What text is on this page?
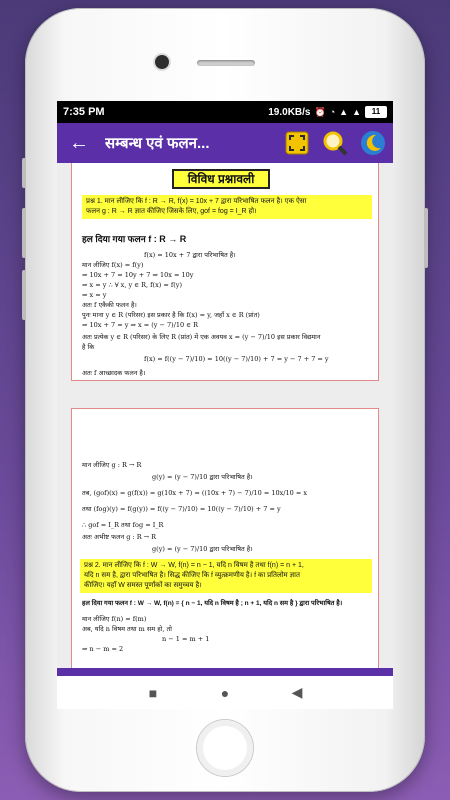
7:35 PM	19.0KB/s ⏰ ◔ ▲ ▲	11
←	सम्बन्ध एवं फलन...
विविध प्रश्नावली
प्रश्न 1. मान लीजिए कि f : R → R, f(x) = 10x + 7 द्वारा परिभाषित फलन है। एक ऐसा
फलन g : R → R ज्ञात कीजिए जिसके लिए, gof = fog = I_R हो।
हल दिया गया फलन f : R → R
f(x) = 10x + 7 द्वारा परिभाषित है।
मान लीजिए f(x) = f(y)
⇒ 10x + 7 = 10y + 7 ⇒ 10x = 10y
⇒ x = y ∴ ∀ x, y ∈ R, f(x) = f(y)
⇒ x = y
अतः f एकैकी फलन है।
पुनः माना y ∈ R (परिसर) इस प्रकार है कि f(x) = y, जहाँ x ∈ R (प्रांत)
⇒ 10x + 7 = y ⇒ x = (y − 7)/10 ∈ R
अतः प्रत्येक y ∈ R (परिसर) के लिए R (प्रांत) में एक अवयव x = (y − 7)/10 इस प्रकार विद्यमान
है कि
f(x) = f((y − 7)/10) = 10((y − 7)/10) + 7 = y − 7 + 7 = y
अतः f आच्छादक फलन है।
मान लीजिए g : R → R
g(y) = (y − 7)/10 द्वारा परिभाषित है।
तब, (gof)(x) = g(f(x)) = g(10x + 7) = ((10x + 7) − 7)/10 = 10x/10 = x
तथा (fog)(y) = f(g(y)) = f((y − 7)/10) = 10((y − 7)/10) + 7 = y
∴ gof = I_R तथा fog = I_R
अतः अभीष्ट फलन g : R → R
g(y) = (y − 7)/10 द्वारा परिभाषित है।
प्रश्न 2. मान लीजिए कि f : W → W, f(n) = n − 1, यदि n विषम है तथा f(n) = n + 1,
यदि n सम है, द्वारा परिभाषित है। सिद्ध कीजिए कि f व्युत्क्रमणीय है। f का प्रतिलोम ज्ञात
कीजिए। यहाँ W समस्त पूर्णांकों का समुच्चय है।
हल दिया गया फलन f : W → W, f(n) = { n − 1, यदि n विषम है ; n + 1, यदि n सम है } द्वारा परिभाषित है।
मान लीजिए f(n) = f(m)
अब, यदि n विषम तथा m सम हो, तो
n − 1 = m + 1
⇒ n − m = 2
■	●	◀
